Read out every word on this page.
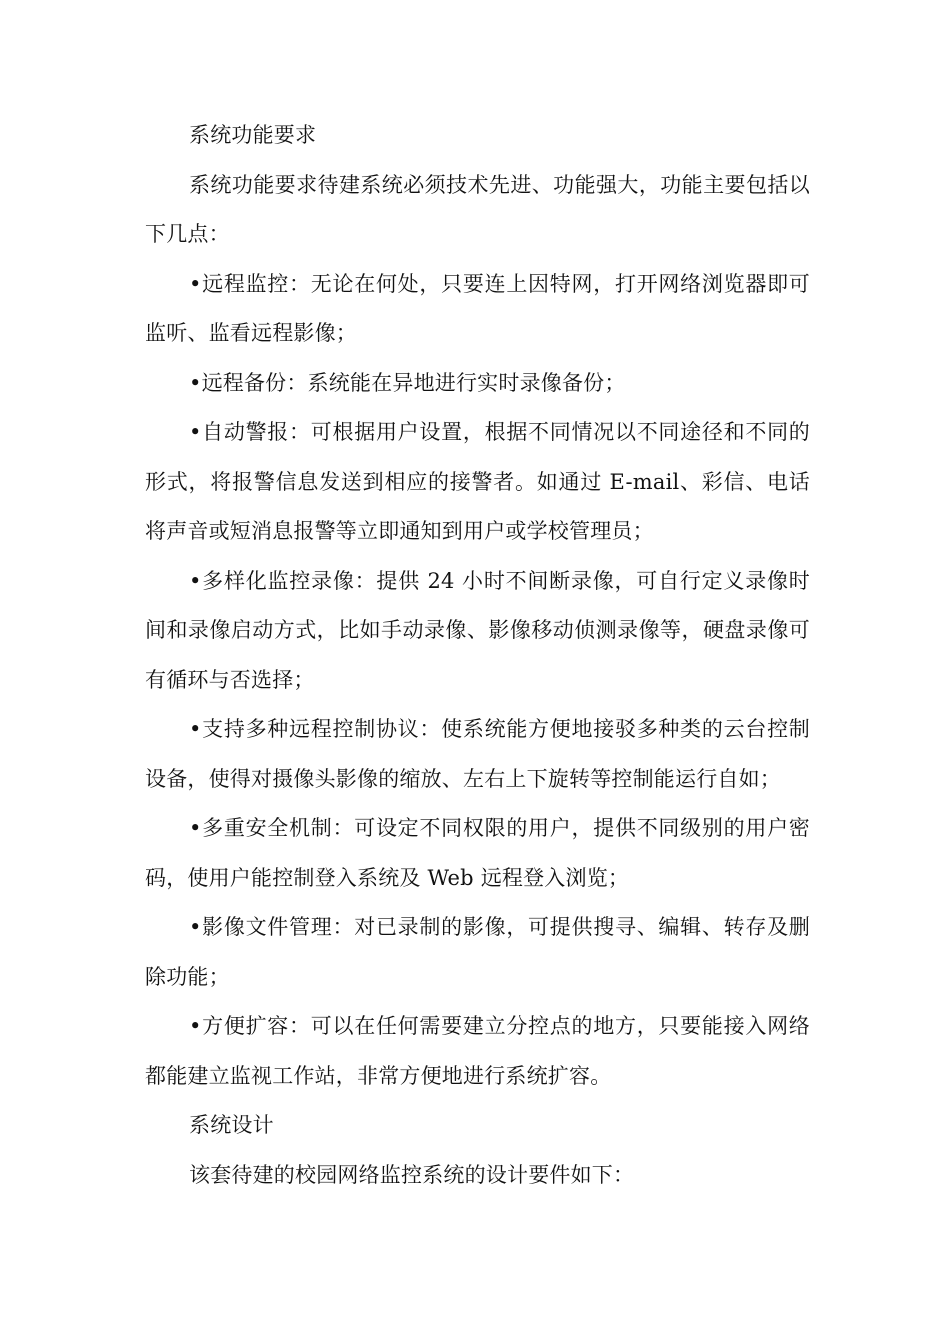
系统功能要求

系统功能要求待建系统必须技术先进、功能强大，功能主要包括以下几点：

•远程监控：无论在何处，只要连上因特网，打开网络浏览器即可监听、监看远程影像；

•远程备份：系统能在异地进行实时录像备份；

•自动警报：可根据用户设置，根据不同情况以不同途径和不同的形式，将报警信息发送到相应的接警者。如通过 E-mail、彩信、电话将声音或短消息报警等立即通知到用户或学校管理员；

•多样化监控录像：提供 24 小时不间断录像，可自行定义录像时间和录像启动方式，比如手动录像、影像移动侦测录像等，硬盘录像可有循环与否选择；

•支持多种远程控制协议：使系统能方便地接驳多种类的云台控制设备，使得对摄像头影像的缩放、左右上下旋转等控制能运行自如；

•多重安全机制：可设定不同权限的用户，提供不同级别的用户密码，使用户能控制登入系统及 Web 远程登入浏览；

•影像文件管理：对已录制的影像，可提供搜寻、编辑、转存及删除功能；

•方便扩容：可以在任何需要建立分控点的地方，只要能接入网络都能建立监视工作站，非常方便地进行系统扩容。

系统设计

该套待建的校园网络监控系统的设计要件如下：
